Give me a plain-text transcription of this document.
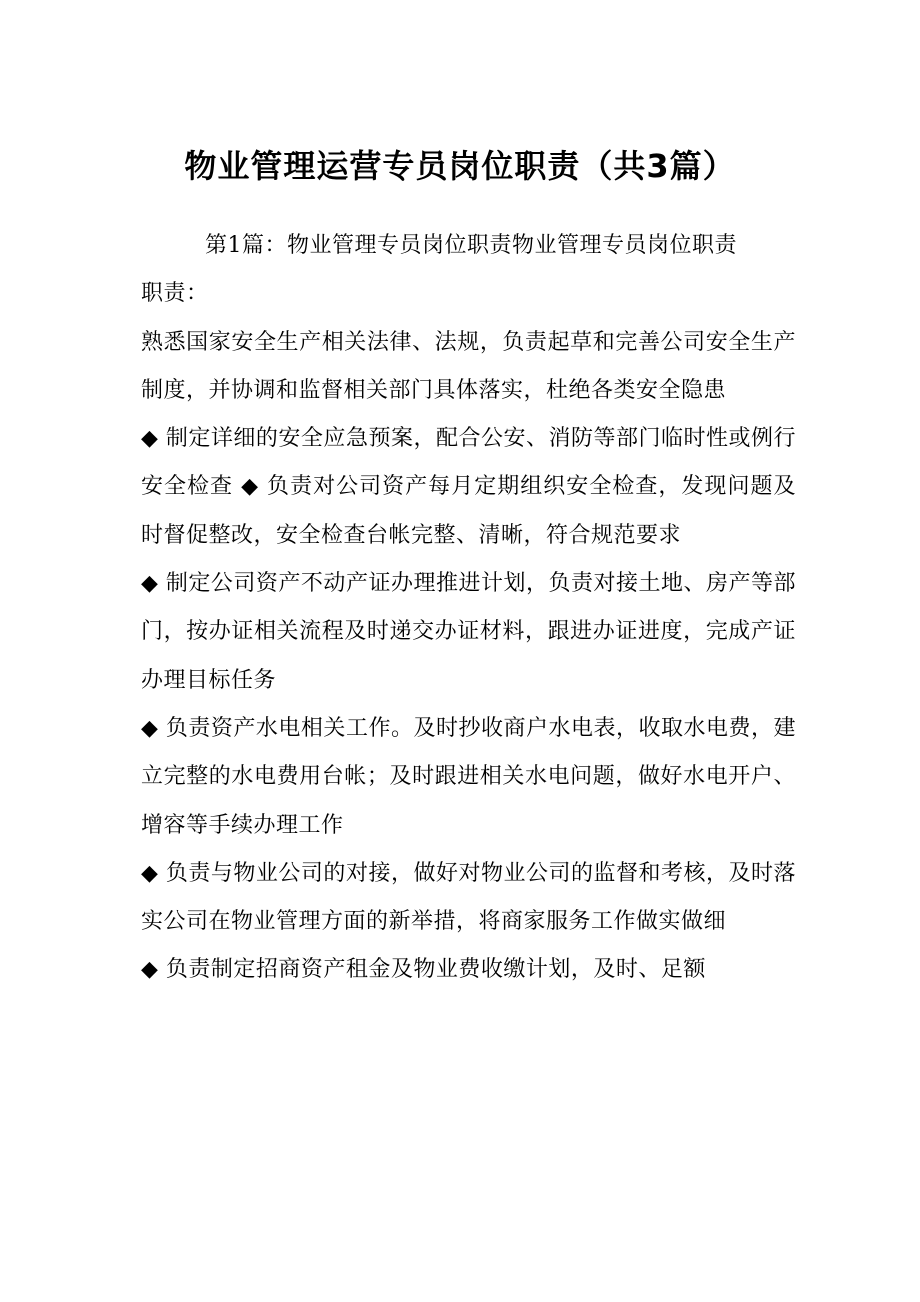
物业管理运营专员岗位职责（共3篇）

第1篇：物业管理专员岗位职责物业管理专员岗位职责

职责：

熟悉国家安全生产相关法律、法规，负责起草和完善公司安全生产制度，并协调和监督相关部门具体落实，杜绝各类安全隐患

◆ 制定详细的安全应急预案，配合公安、消防等部门临时性或例行安全检查 ◆ 负责对公司资产每月定期组织安全检查，发现问题及时督促整改，安全检查台帐完整、清晰，符合规范要求

◆ 制定公司资产不动产证办理推进计划，负责对接土地、房产等部门，按办证相关流程及时递交办证材料，跟进办证进度，完成产证办理目标任务

◆ 负责资产水电相关工作。及时抄收商户水电表，收取水电费，建立完整的水电费用台帐；及时跟进相关水电问题，做好水电开户、增容等手续办理工作

◆ 负责与物业公司的对接，做好对物业公司的监督和考核，及时落实公司在物业管理方面的新举措，将商家服务工作做实做细

◆ 负责制定招商资产租金及物业费收缴计划，及时、足额
